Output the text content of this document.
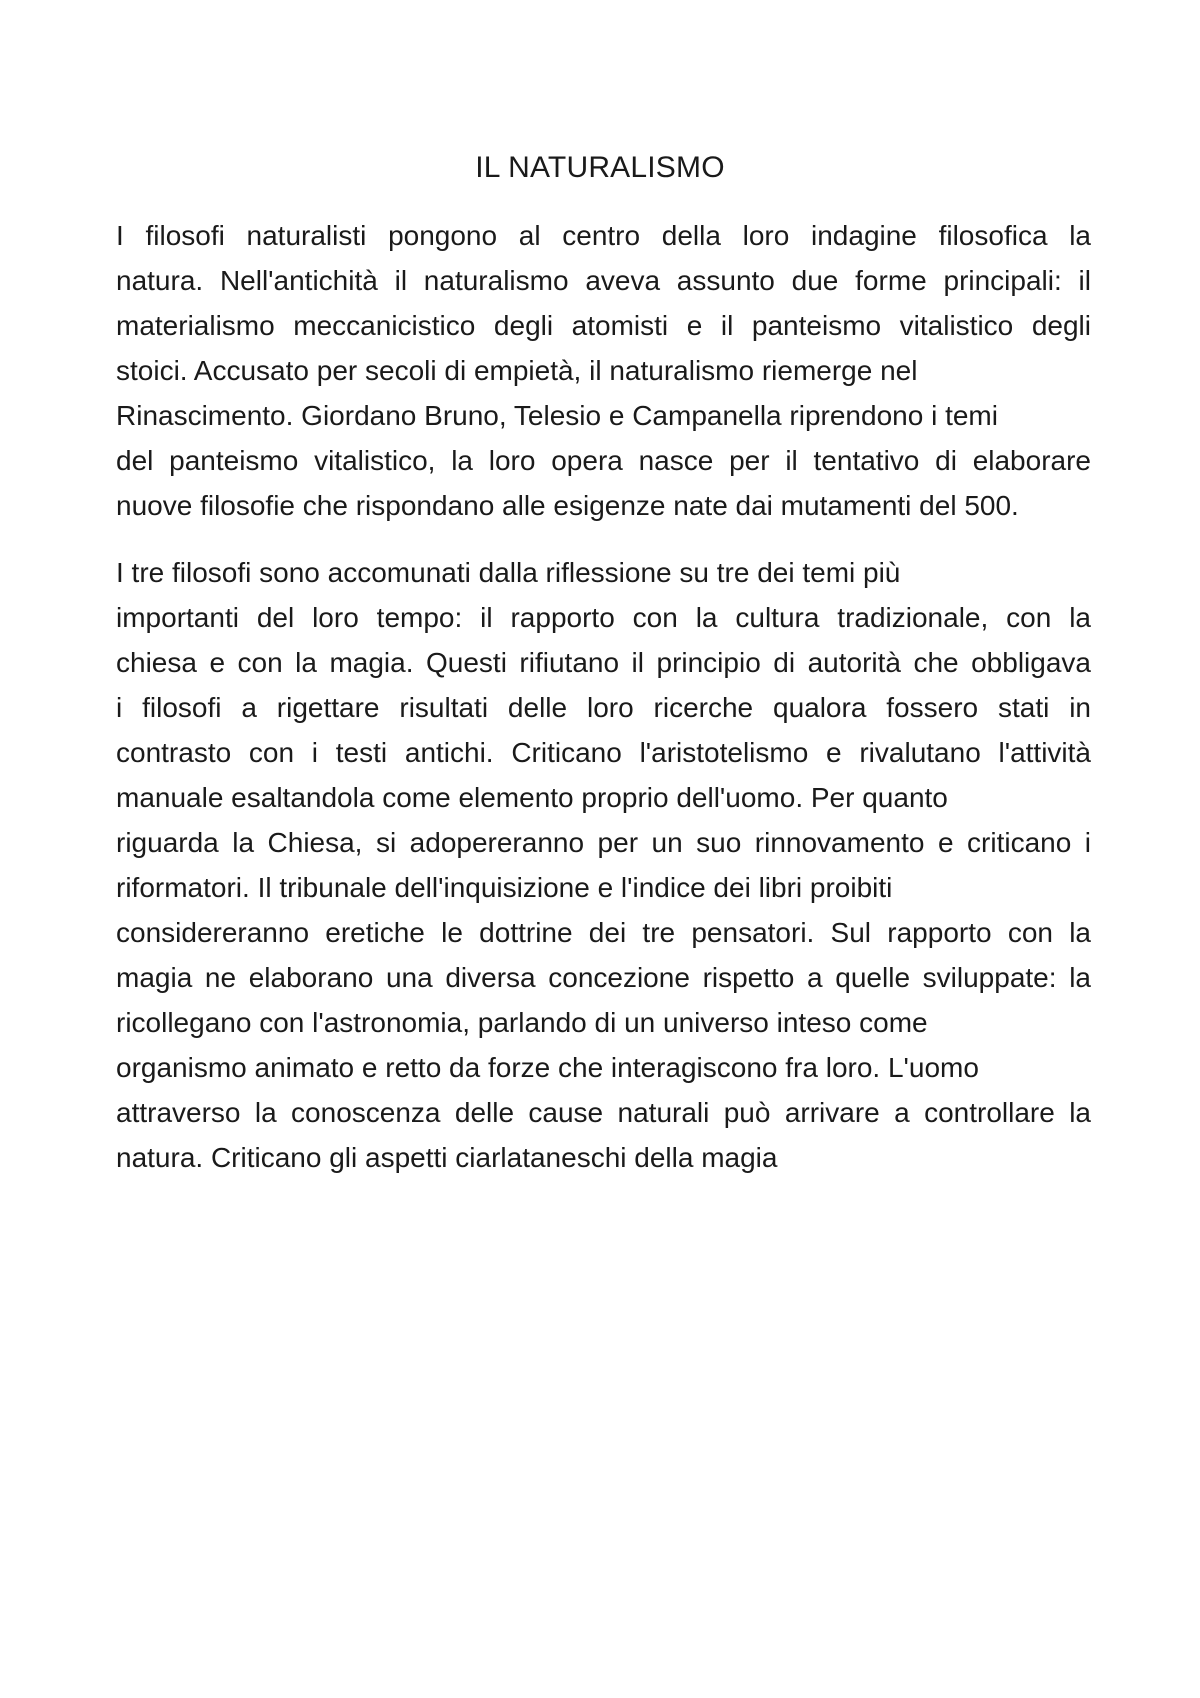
IL NATURALISMO
I filosofi naturalisti pongono al centro della loro indagine filosofica la
natura. Nell'antichità il naturalismo aveva assunto due forme principali: il
materialismo meccanicistico degli atomisti e il panteismo vitalistico degli
stoici. Accusato per secoli di empietà, il naturalismo riemerge nel
Rinascimento. Giordano Bruno, Telesio e Campanella riprendono i temi
del panteismo vitalistico, la loro opera nasce per il tentativo di elaborare
nuove filosofie che rispondano alle esigenze nate dai mutamenti del 500.
I tre filosofi sono accomunati dalla riflessione su tre dei temi più
importanti del loro tempo: il rapporto con la cultura tradizionale, con la
chiesa e con la magia. Questi rifiutano il principio di autorità che obbligava
i filosofi a rigettare risultati delle loro ricerche qualora fossero stati in
contrasto con i testi antichi. Criticano l'aristotelismo e rivalutano l'attività
manuale esaltandola come elemento proprio dell'uomo. Per quanto
riguarda la Chiesa, si adopereranno per un suo rinnovamento e criticano i
riformatori. Il tribunale dell'inquisizione e l'indice dei libri proibiti
considereranno eretiche le dottrine dei tre pensatori. Sul rapporto con la
magia ne elaborano una diversa concezione rispetto a quelle sviluppate: la
ricollegano con l'astronomia, parlando di un universo inteso come
organismo animato e retto da forze che interagiscono fra loro. L'uomo
attraverso la conoscenza delle cause naturali può arrivare a controllare la
natura. Criticano gli aspetti ciarlataneschi della magia
